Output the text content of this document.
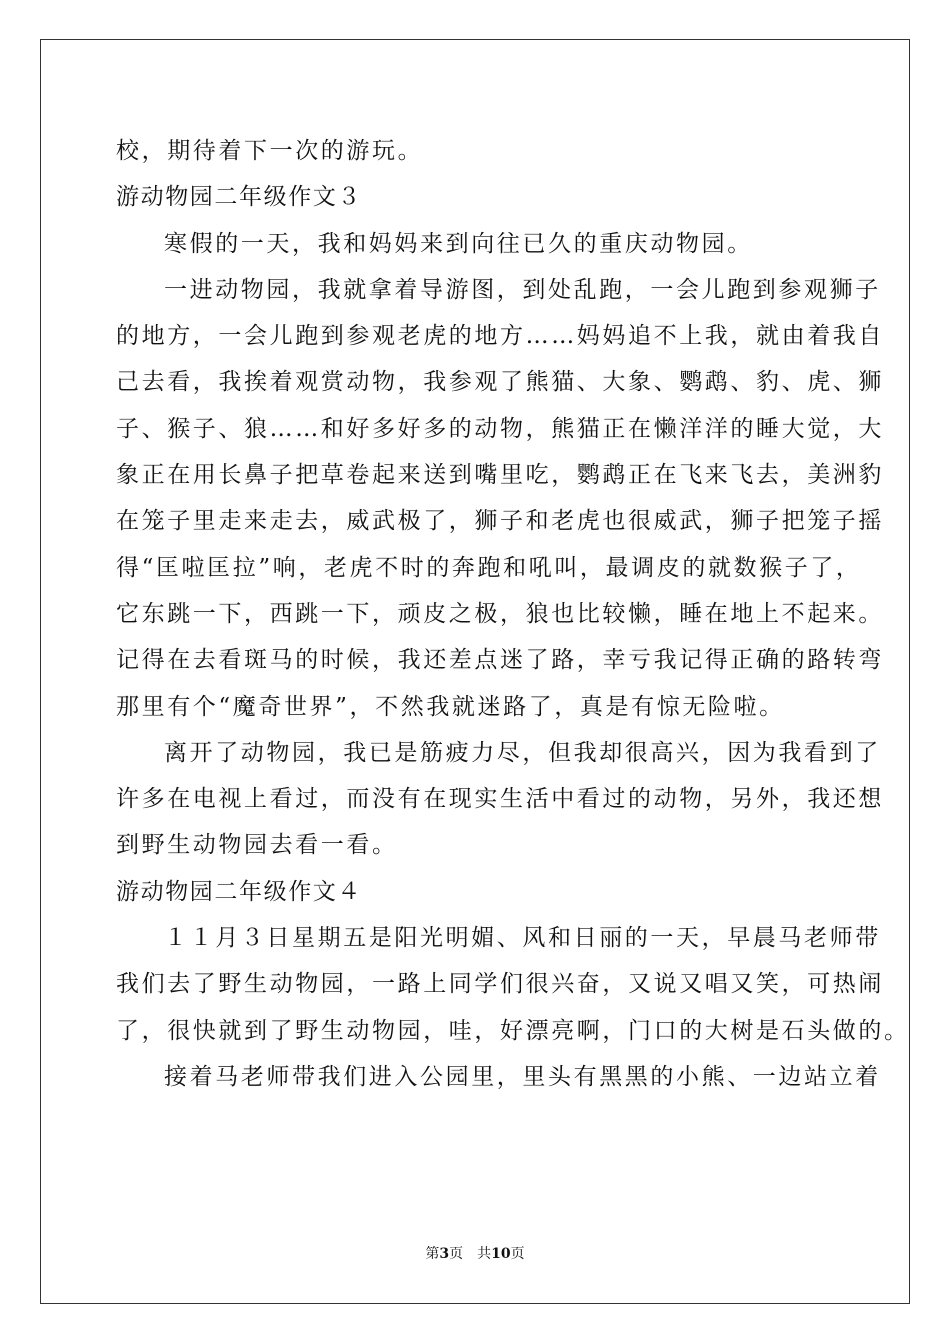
校，期待着下一次的游玩。
游动物园二年级作文３
寒假的一天，我和妈妈来到向往已久的重庆动物园。
一进动物园，我就拿着导游图，到处乱跑，一会儿跑到参观狮子
的地方，一会儿跑到参观老虎的地方……妈妈追不上我，就由着我自
己去看，我挨着观赏动物，我参观了熊猫、大象、鹦鹉、豹、虎、狮
子、猴子、狼……和好多好多的动物，熊猫正在懒洋洋的睡大觉，大
象正在用长鼻子把草卷起来送到嘴里吃，鹦鹉正在飞来飞去，美洲豹
在笼子里走来走去，威武极了，狮子和老虎也很威武，狮子把笼子摇
得“匡啦匡拉”响，老虎不时的奔跑和吼叫，最调皮的就数猴子了，
它东跳一下，西跳一下，顽皮之极，狼也比较懒，睡在地上不起来。
记得在去看斑马的时候，我还差点迷了路，幸亏我记得正确的路转弯
那里有个“魔奇世界”，不然我就迷路了，真是有惊无险啦。
离开了动物园，我已是筋疲力尽，但我却很高兴，因为我看到了
许多在电视上看过，而没有在现实生活中看过的动物，另外，我还想
到野生动物园去看一看。
游动物园二年级作文４
１１月３日星期五是阳光明媚、风和日丽的一天，早晨马老师带
我们去了野生动物园，一路上同学们很兴奋，又说又唱又笑，可热闹
了，很快就到了野生动物园，哇，好漂亮啊，门口的大树是石头做的。
接着马老师带我们进入公园里，里头有黑黑的小熊、一边站立着
第3页 共10页
